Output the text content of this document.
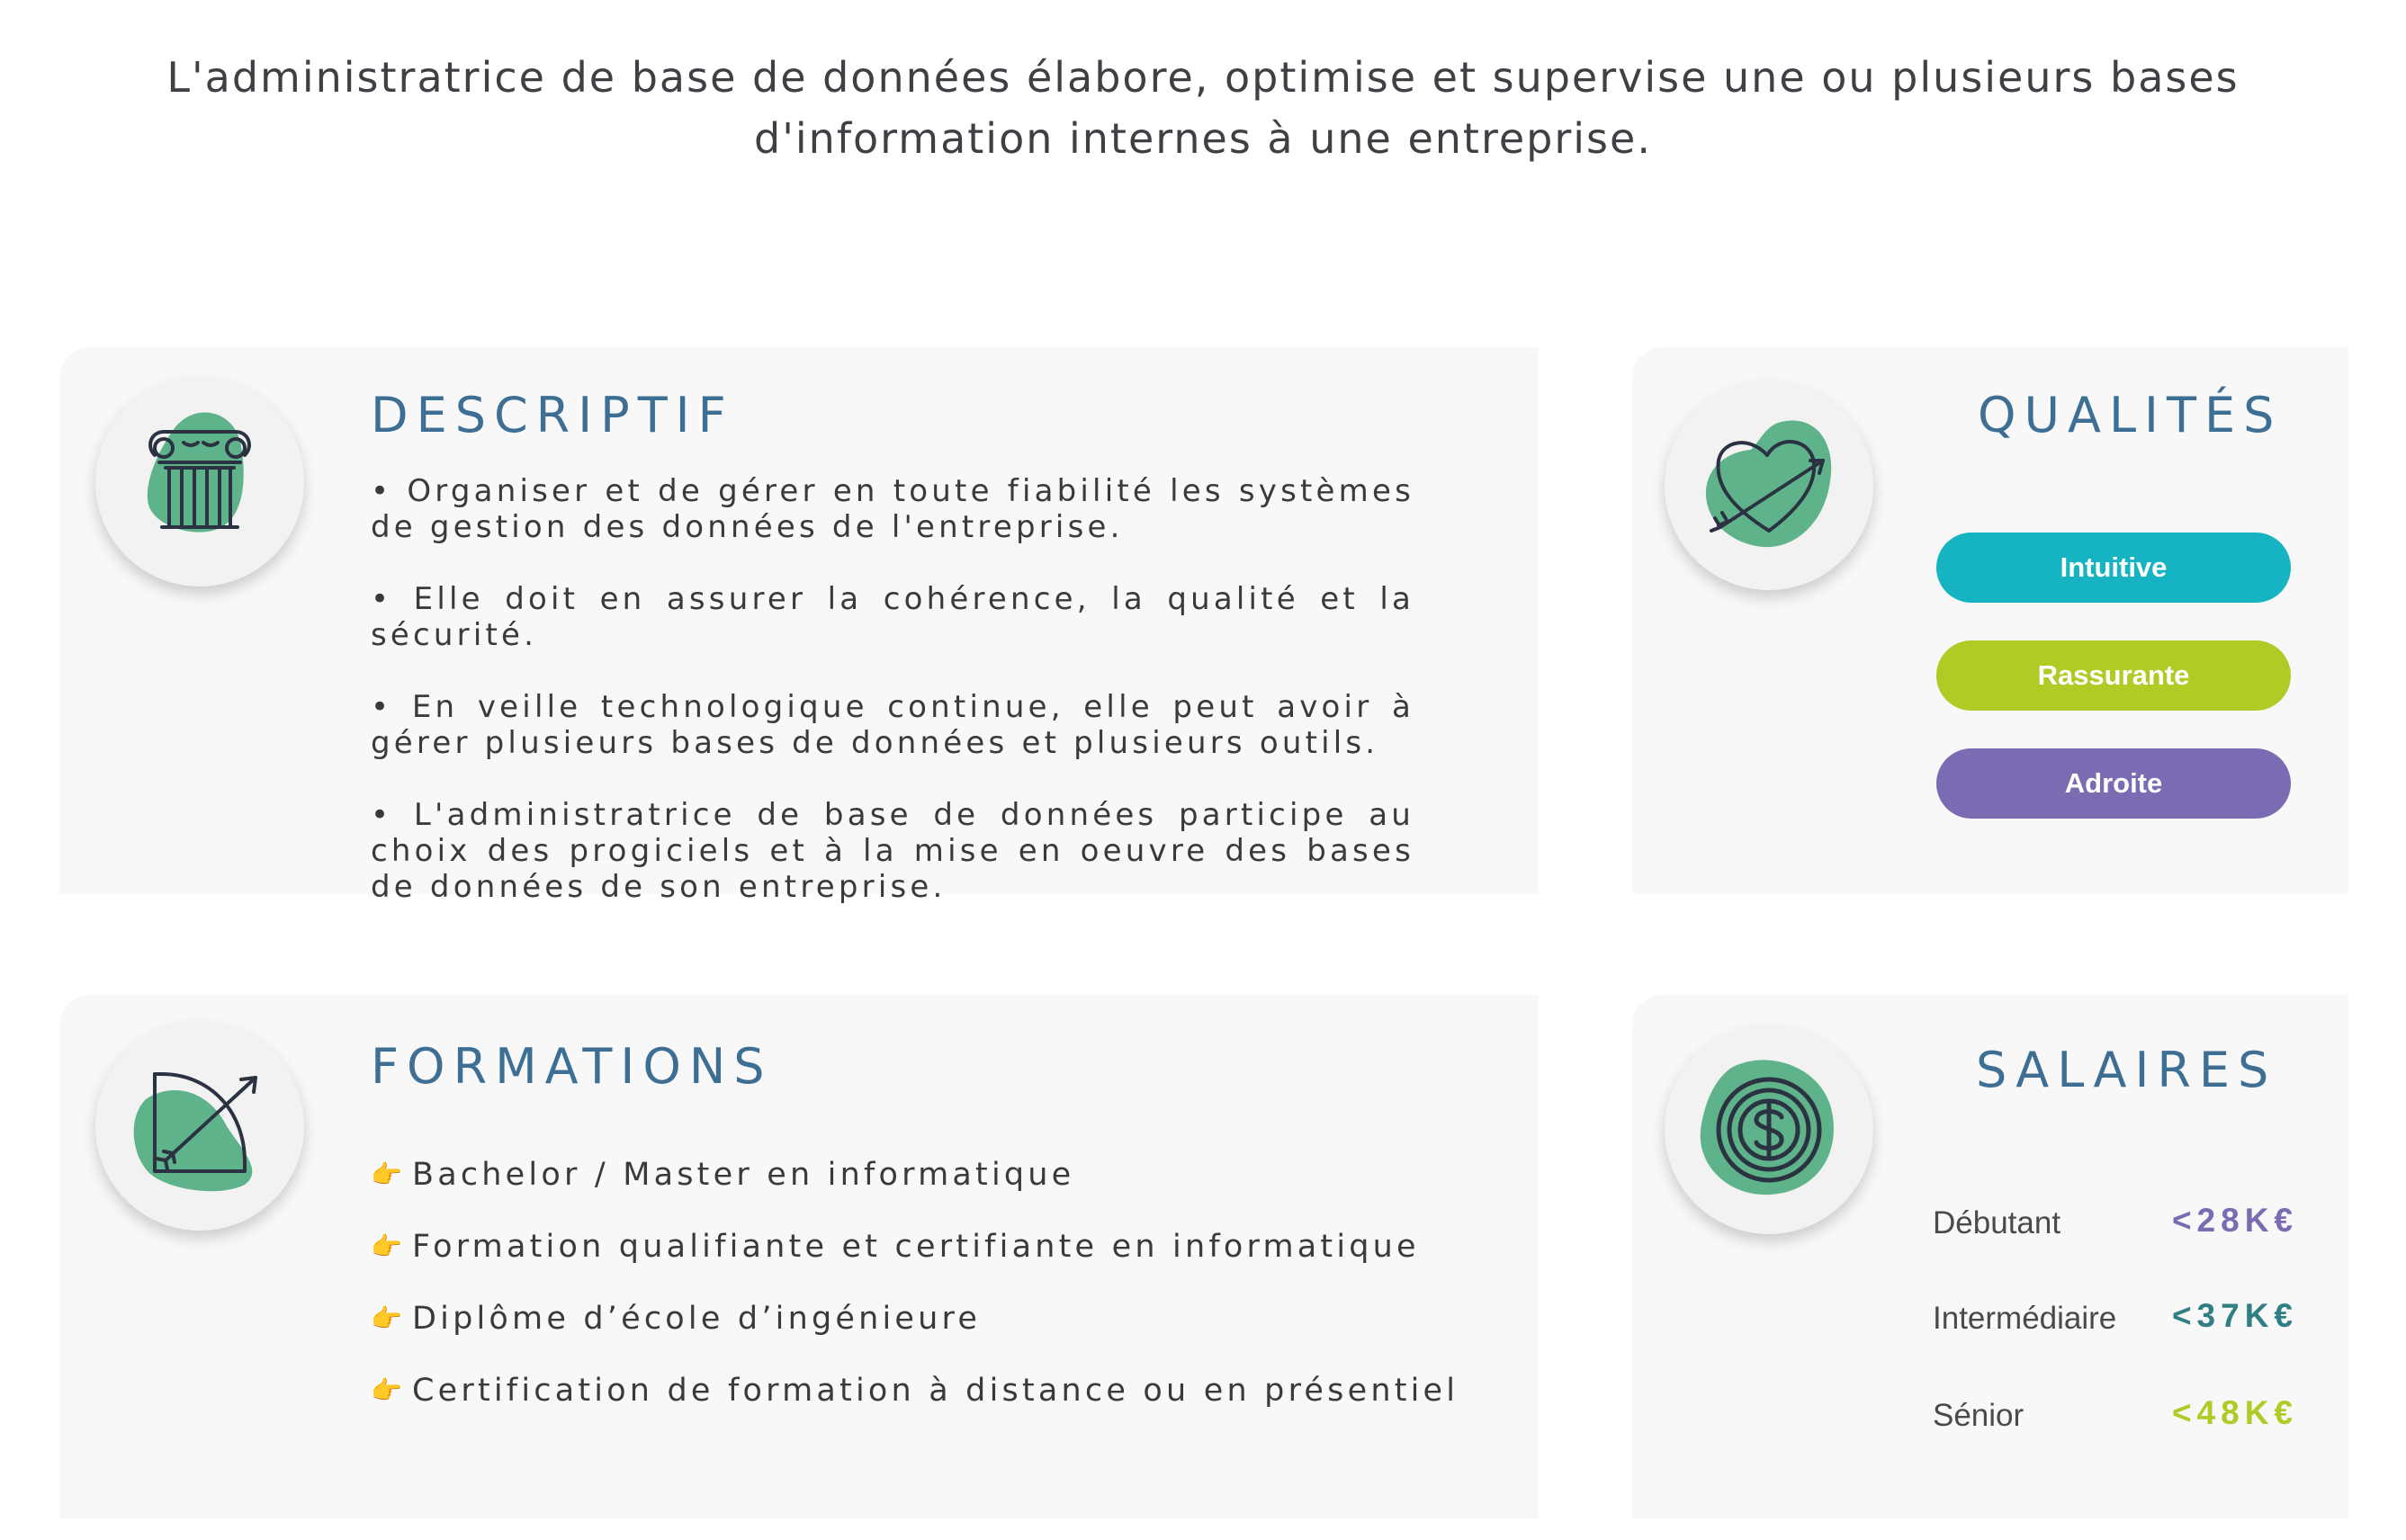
L'administratrice de base de données élabore, optimise et supervise une ou plusieurs bases d'information internes à une entreprise.
DESCRIPTIF

• Organiser et de gérer en toute fiabilité les systèmes de gestion des données de l'entreprise.

• Elle doit en assurer la cohérence, la qualité et la sécurité.

• En veille technologique continue, elle peut avoir à gérer plusieurs bases de données et plusieurs outils.

• L'administratrice de base de données participe au choix des progiciels et à la mise en oeuvre des bases de données de son entreprise.

QUALITÉS
Intuitive
Rassurante
Adroite
FORMATIONS
👉 Bachelor / Master en informatique
👉 Formation qualifiante et certifiante en informatique
👉 Diplôme d’école d’ingénieure
👉 Certification de formation à distance ou en présentiel
SALAIRES
Débutant	<28K€
Intermédiaire <37K€
Sénior	<48K€
